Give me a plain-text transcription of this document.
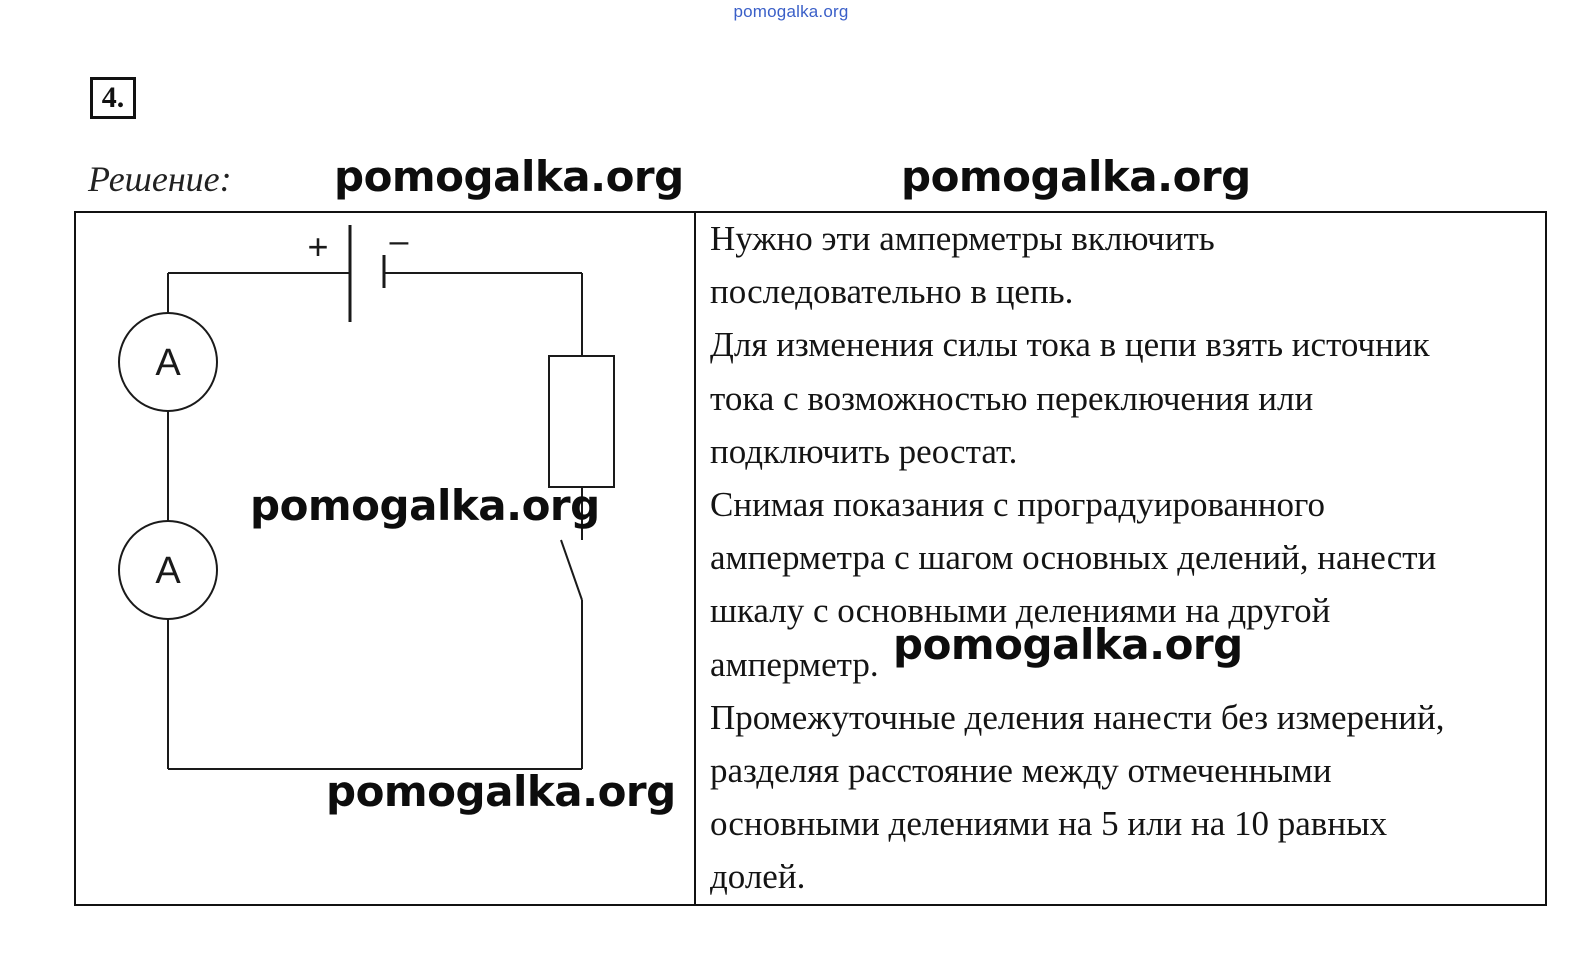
pomogalka.org
4.
Решение:
+ –
A
A
Нужно эти амперметры включить
последовательно в цепь.
Для изменения силы тока в цепи взять источник
тока с возможностью переключения или
подключить реостат.
Снимая показания с проградуированного
амперметра с шагом основных делений, нанести
шкалу с основными делениями на другой
амперметр.
Промежуточные деления нанести без измерений,
разделяя расстояние между отмеченными
основными делениями на 5 или на 10 равных
долей.
pomogalka.org	pomogalka.org
pomogalka.org
pomogalka.org
pomogalka.org
